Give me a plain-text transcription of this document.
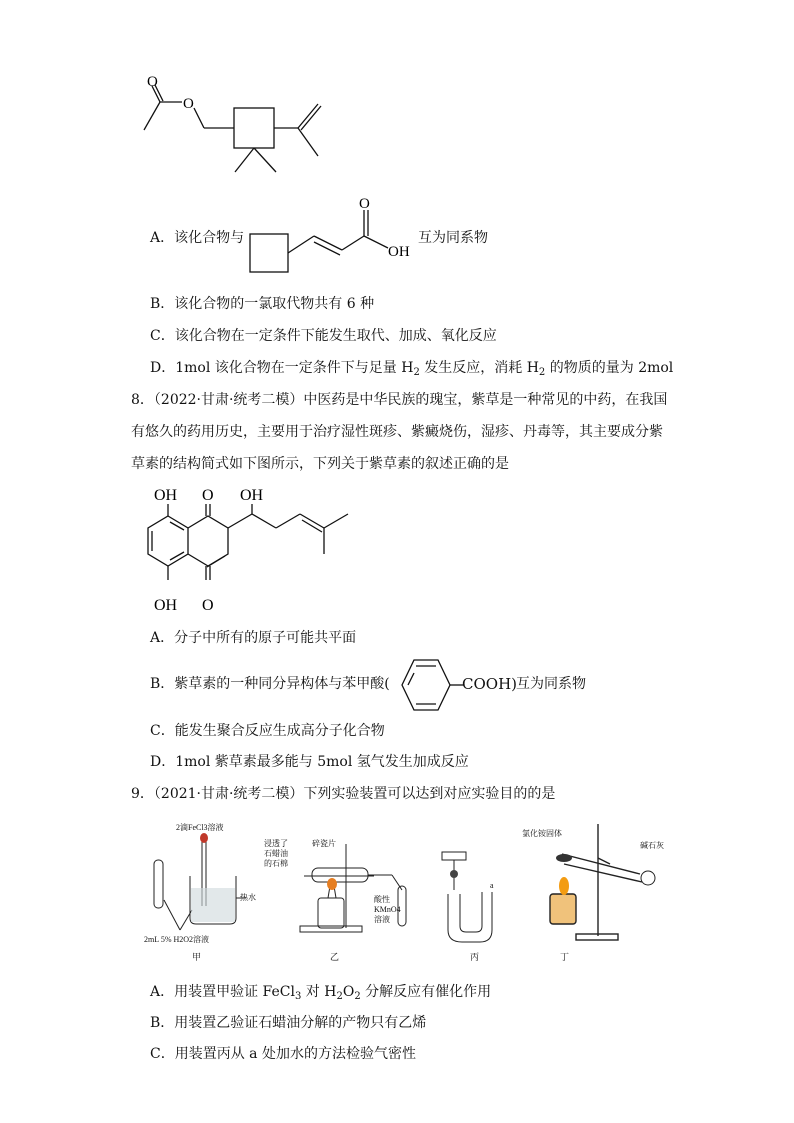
O
O
A．该化合物与
O
OH
互为同系物
B．该化合物的一氯取代物共有 6 种
C．该化合物在一定条件下能发生取代、加成、氧化反应
D．1mol 该化合物在一定条件下与足量 $H_2$ 发生反应，消耗 $H_2$ 的物质的量为 2mol
8．（2022·甘肃·统考二模）中医药是中华民族的瑰宝，紫草是一种常见的中药，在我国
有悠久的药用历史，主要用于治疗湿性斑疹、紫癜烧伤，湿疹、丹毒等，其主要成分紫
草素的结构简式如下图所示，下列关于紫草素的叙述正确的是
OH O OH
OH O
A．分子中所有的原子可能共平面
B．紫草素的一种同分异构体与苯甲酸(	COOH)
互为同系物
C．能发生聚合反应生成高分子化合物
D．1mol 紫草素最多能与 5mol 氢气发生加成反应
9．（2021·甘肃·统考二模）下列实验装置可以达到对应实验目的的是
2滴FeCl3溶液
热水
2mL 5% H2O2溶液
甲
浸透了
石蜡油
的石棉
碎瓷片
酸性
KMnO4
溶液
乙
a
丙
氯化铵固体
碱石灰
丁
A．用装置甲验证 FeCl$_3$ 对 $H_2O_2$ 分解反应有催化作用
B．用装置乙验证石蜡油分解的产物只有乙烯
C．用装置丙从 a 处加水的方法检验气密性
